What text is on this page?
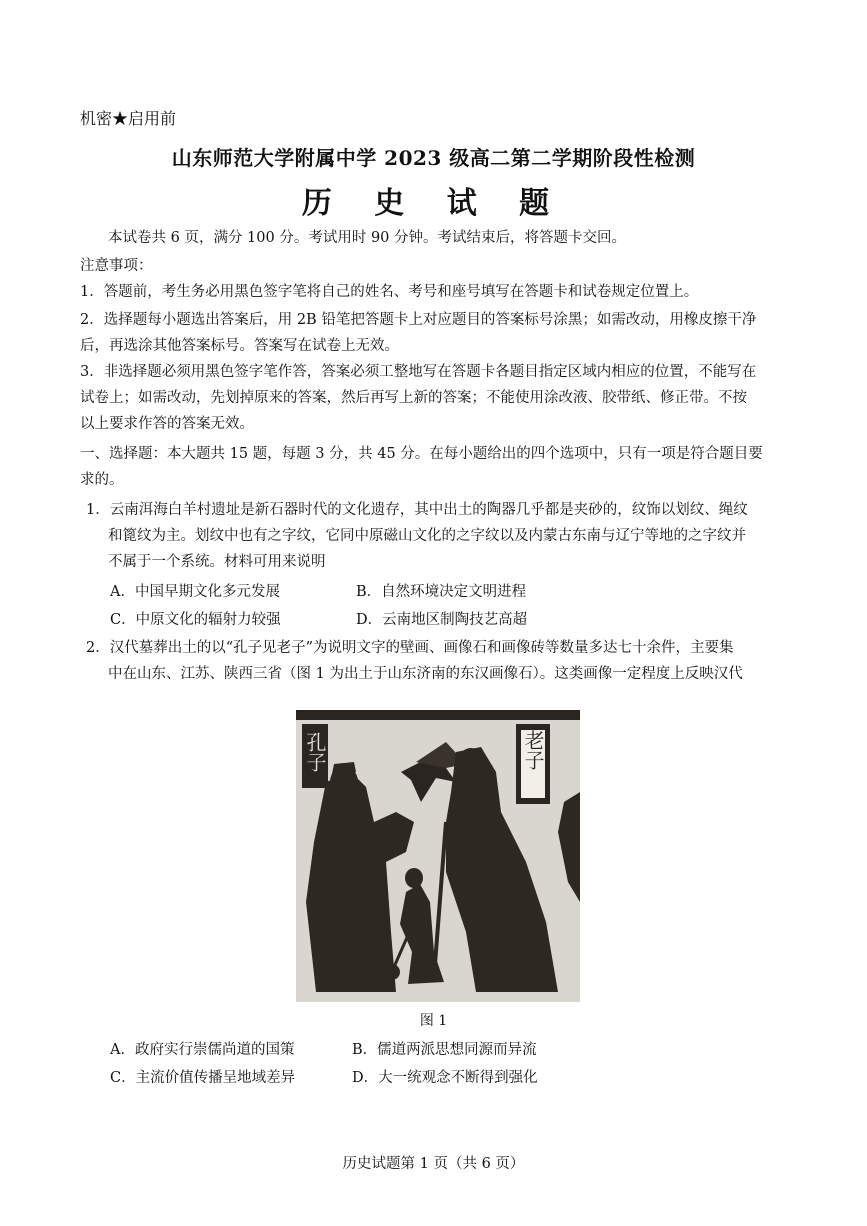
机密★启用前
山东师范大学附属中学 2023 级高二第二学期阶段性检测
历 史 试 题
本试卷共 6 页，满分 100 分。考试用时 90 分钟。考试结束后，将答题卡交回。
注意事项：
1．答题前，考生务必用黑色签字笔将自己的姓名、考号和座号填写在答题卡和试卷规定位置上。
2．选择题每小题选出答案后，用 2B 铅笔把答题卡上对应题目的答案标号涂黑；如需改动，用橡皮擦干净
后，再选涂其他答案标号。答案写在试卷上无效。
3．非选择题必须用黑色签字笔作答，答案必须工整地写在答题卡各题目指定区域内相应的位置，不能写在
试卷上；如需改动，先划掉原来的答案，然后再写上新的答案；不能使用涂改液、胶带纸、修正带。不按
以上要求作答的答案无效。
一、选择题：本大题共 15 题，每题 3 分，共 45 分。在每小题给出的四个选项中，只有一项是符合题目要
求的。
1．云南洱海白羊村遗址是新石器时代的文化遗存，其中出土的陶器几乎都是夹砂的，纹饰以划纹、绳纹
和篦纹为主。划纹中也有之字纹，它同中原磁山文化的之字纹以及内蒙古东南与辽宁等地的之字纹并
不属于一个系统。材料可用来说明
A．中国早期文化多元发展	B．自然环境决定文明进程
C．中原文化的辐射力较强	D．云南地区制陶技艺高超
2．汉代墓葬出土的以“孔子见老子”为说明文字的壁画、画像石和画像砖等数量多达七十余件，主要集
中在山东、江苏、陕西三省（图 1 为出土于山东济南的东汉画像石）。这类画像一定程度上反映汉代
孔子	老子
图 1
A．政府实行崇儒尚道的国策	B．儒道两派思想同源而异流
C．主流价值传播呈地域差异	D．大一统观念不断得到强化
历史试题第 1 页（共 6 页）
